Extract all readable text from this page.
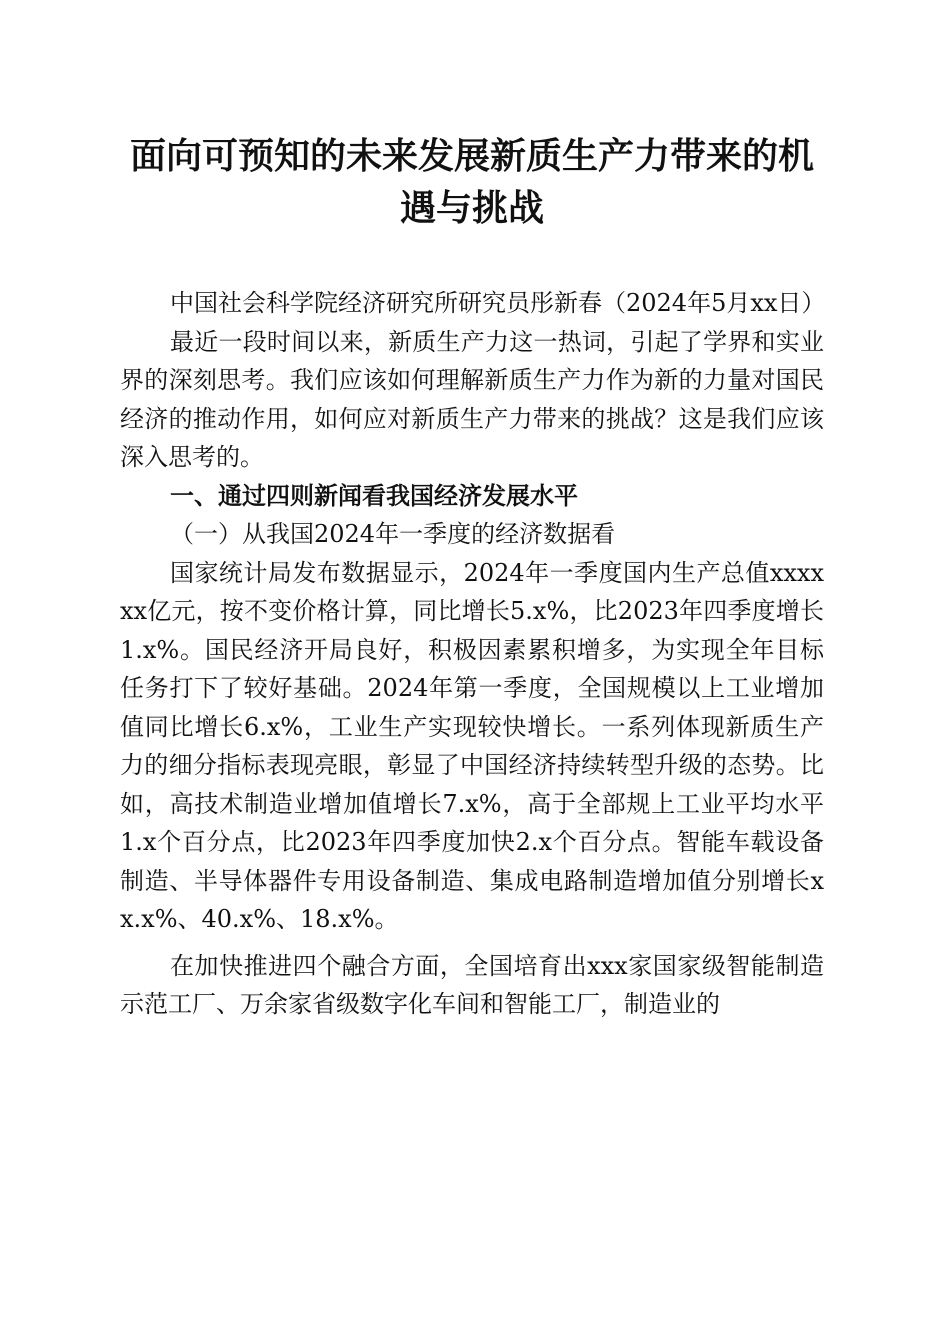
面向可预知的未来发展新质生产力带来的机遇与挑战

中国社会科学院经济研究所研究员彤新春（2024年5月xx日）

最近一段时间以来，新质生产力这一热词，引起了学界和实业界的深刻思考。我们应该如何理解新质生产力作为新的力量对国民经济的推动作用，如何应对新质生产力带来的挑战？这是我们应该深入思考的。

一、通过四则新闻看我国经济发展水平

（一）从我国2024年一季度的经济数据看

国家统计局发布数据显示，2024年一季度国内生产总值xxxxxx亿元，按不变价格计算，同比增长5.x%，比2023年四季度增长1.x%。国民经济开局良好，积极因素累积增多，为实现全年目标任务打下了较好基础。2024年第一季度，全国规模以上工业增加值同比增长6.x%，工业生产实现较快增长。一系列体现新质生产力的细分指标表现亮眼，彰显了中国经济持续转型升级的态势。比如，高技术制造业增加值增长7.x%，高于全部规上工业平均水平1.x个百分点，比2023年四季度加快2.x个百分点。智能车载设备制造、半导体器件专用设备制造、集成电路制造增加值分别增长xx.x%、40.x%、18.x%。

在加快推进四个融合方面，全国培育出xxx家国家级智能制造示范工厂、万余家省级数字化车间和智能工厂，制造业的
